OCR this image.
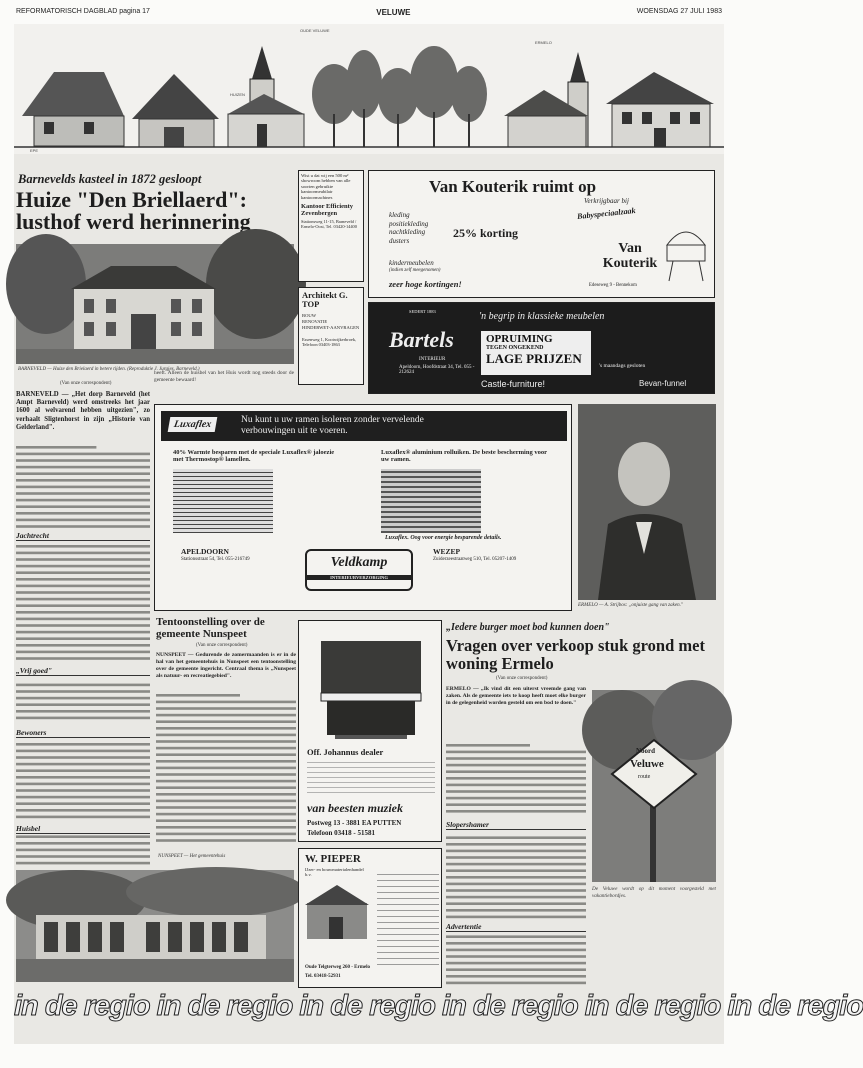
REFORMATORISCH DAGBLAD pagina 17	VELUWE	WOENSDAG 27 JULI 1983
OUDE VELUWE
ERMELO
HUIZEN
EPE
Barnevelds kasteel in 1872 gesloopt
Huize "Den Briellaerd": lusthof werd herinnering
BARNEVELD — Huize den Brielaerd in betere tijden. (Reproduktie J. Jurgjes, Barneveld.)
(Van onze correspondent)
BARNEVELD — „Het dorp Barneveld (het Ampt Barneveld) werd omstreeks het jaar 1600 al welvarend hebben uitgezien", zo verhaalt Sligtenhorst in zijn „Historie van Gelderland".
heeft. Alleen de huisbel van het Huis wordt nog steeds door de gemeente bewaard!
Jachtrecht
„Vrij goed"
Bewoners
Huisbel
Wist u dat wij een 500 m² showroom hebben van alle soorten gebruikte kantoormeubilair kantoormachines
Kantoor Efficienty Zevenbergen
Stationsweg 11-15, Barneveld / Ermelo-Oost, Tel. 03420-14400
Architekt G. TOP
BOUW
RENOVATIE
HINDERWET-AANVRAGEN
Essenweg 1, Kootwijkerbroek, Telefoon 03403-1863
Van Kouterik ruimt op
kleding
positiekleding
nachtkleding
dusters
25% korting
kindermeubelen
(indien zelf meegenomen)
zeer hoge kortingen!
Verkrijgbaar bij
Babyspeciaalzaak
Van Kouterik
Edeseweg 9 - Bennekom
SEDERT 1883	'n begrip in klassieke meubelen
Bartels
INTERIEUR
Apeldoorn, Hoofdstraat 34, Tel. 055 - 212624
OPRUIMING
TEGEN ONGEKEND
LAGE PRIJZEN	's maandags gesloten
Castle-furniture!	Bevan-funnel
Luxaflex	Nu kunt u uw ramen isoleren zonder vervelende verbouwingen uit te voeren.
40% Warmte besparen met de speciale Luxaflex® jaloezie met Thermostop® lamellen.
Luxaflex® aluminium rolluiken. De beste bescherming voor uw ramen.
Luxaflex. Oog voor energie besparende details.
APELDOORN
Stationsstraat 54, Tel. 055-216749	Veldkamp
INTERIEURVERZORGING
WEZEP
Zuiderzeestraatweg 510, Tel. 05207-1409
ERMELO — A. Strijbos: „onjuiste gang van zaken."
Tentoonstelling over de gemeente Nunspeet
(Van onze correspondent)
NUNSPEET — Gedurende de zomermaanden is er in de hal van het gemeentehuis in Nunspeet een tentoonstelling over de gemeente ingericht. Centraal thema is „Nunspeet als natuur- en recreatiegebied".
NUNSPEET — Het gemeentehuis
Off. Johannus dealer
van beesten muziek
Postweg 13 - 3881 EA PUTTEN
Telefoon 03418 - 51581
W. PIEPER
IJzer- en bouwmaterialenhandel b.v.
Oude Telgterweg 260 - Ermelo
Tel. 03418-52931
„Iedere burger moet bod kunnen doen"
Vragen over verkoop stuk grond met woning Ermelo
(Van onze correspondent)
ERMELO — „Ik vind dit een uiterst vreemde gang van zaken. Als de gemeente iets te koop heeft moet elke burger in de gelegenheid worden gesteld om een bod te doen."
Slopershamer
Advertentie
Noord
Veluwe
route
De Veluwe wordt op dit moment voorgesteld met vakantiebordjes.
in de regio in de regio in de regio in de regio in de regio in de regio
